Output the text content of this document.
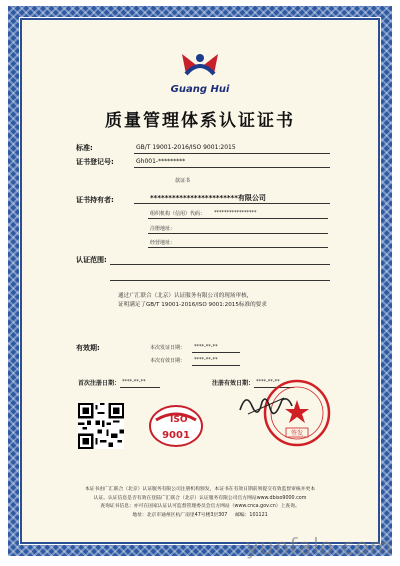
Guang Hui
质量管理体系认证证书
标准:	GB/T 19001-2016/ISO 9001:2015
证书登记号:	Gh001-*********
款证书
证书持有者:	************************有限公司
组织机构（信用）代码： *****************
注册地址：
经营地址：
认证范围:
通过广汇联合（北京）认证服务有限公司的现场审核，
证明满足了GB/T 19001-2016/ISO 9001:2015标准的要求
有效期:	本次发证日期： ****-**-**
本次有效日期： ****-**-**
首次注册日期： ****-**-**	注册有效日期： ****-**-**
ISO
9001	签发
本证书由广汇联合（北京）认证服务有限公司注册机构颁发，本证书在有效日期前须提交有效监督审核并更本
认证。认证信息是否有效在登陆广汇联合（北京）认证服务有限公司官方网站www.dbiso9000.com
查询证书信息；亦可在国家认证认可监督管理委员会官方网站（www.cnca.gov.cn）上查询。
地址：北京市通州区杭广南里47号楼3层307 邮编：101121
yunfalo.com
